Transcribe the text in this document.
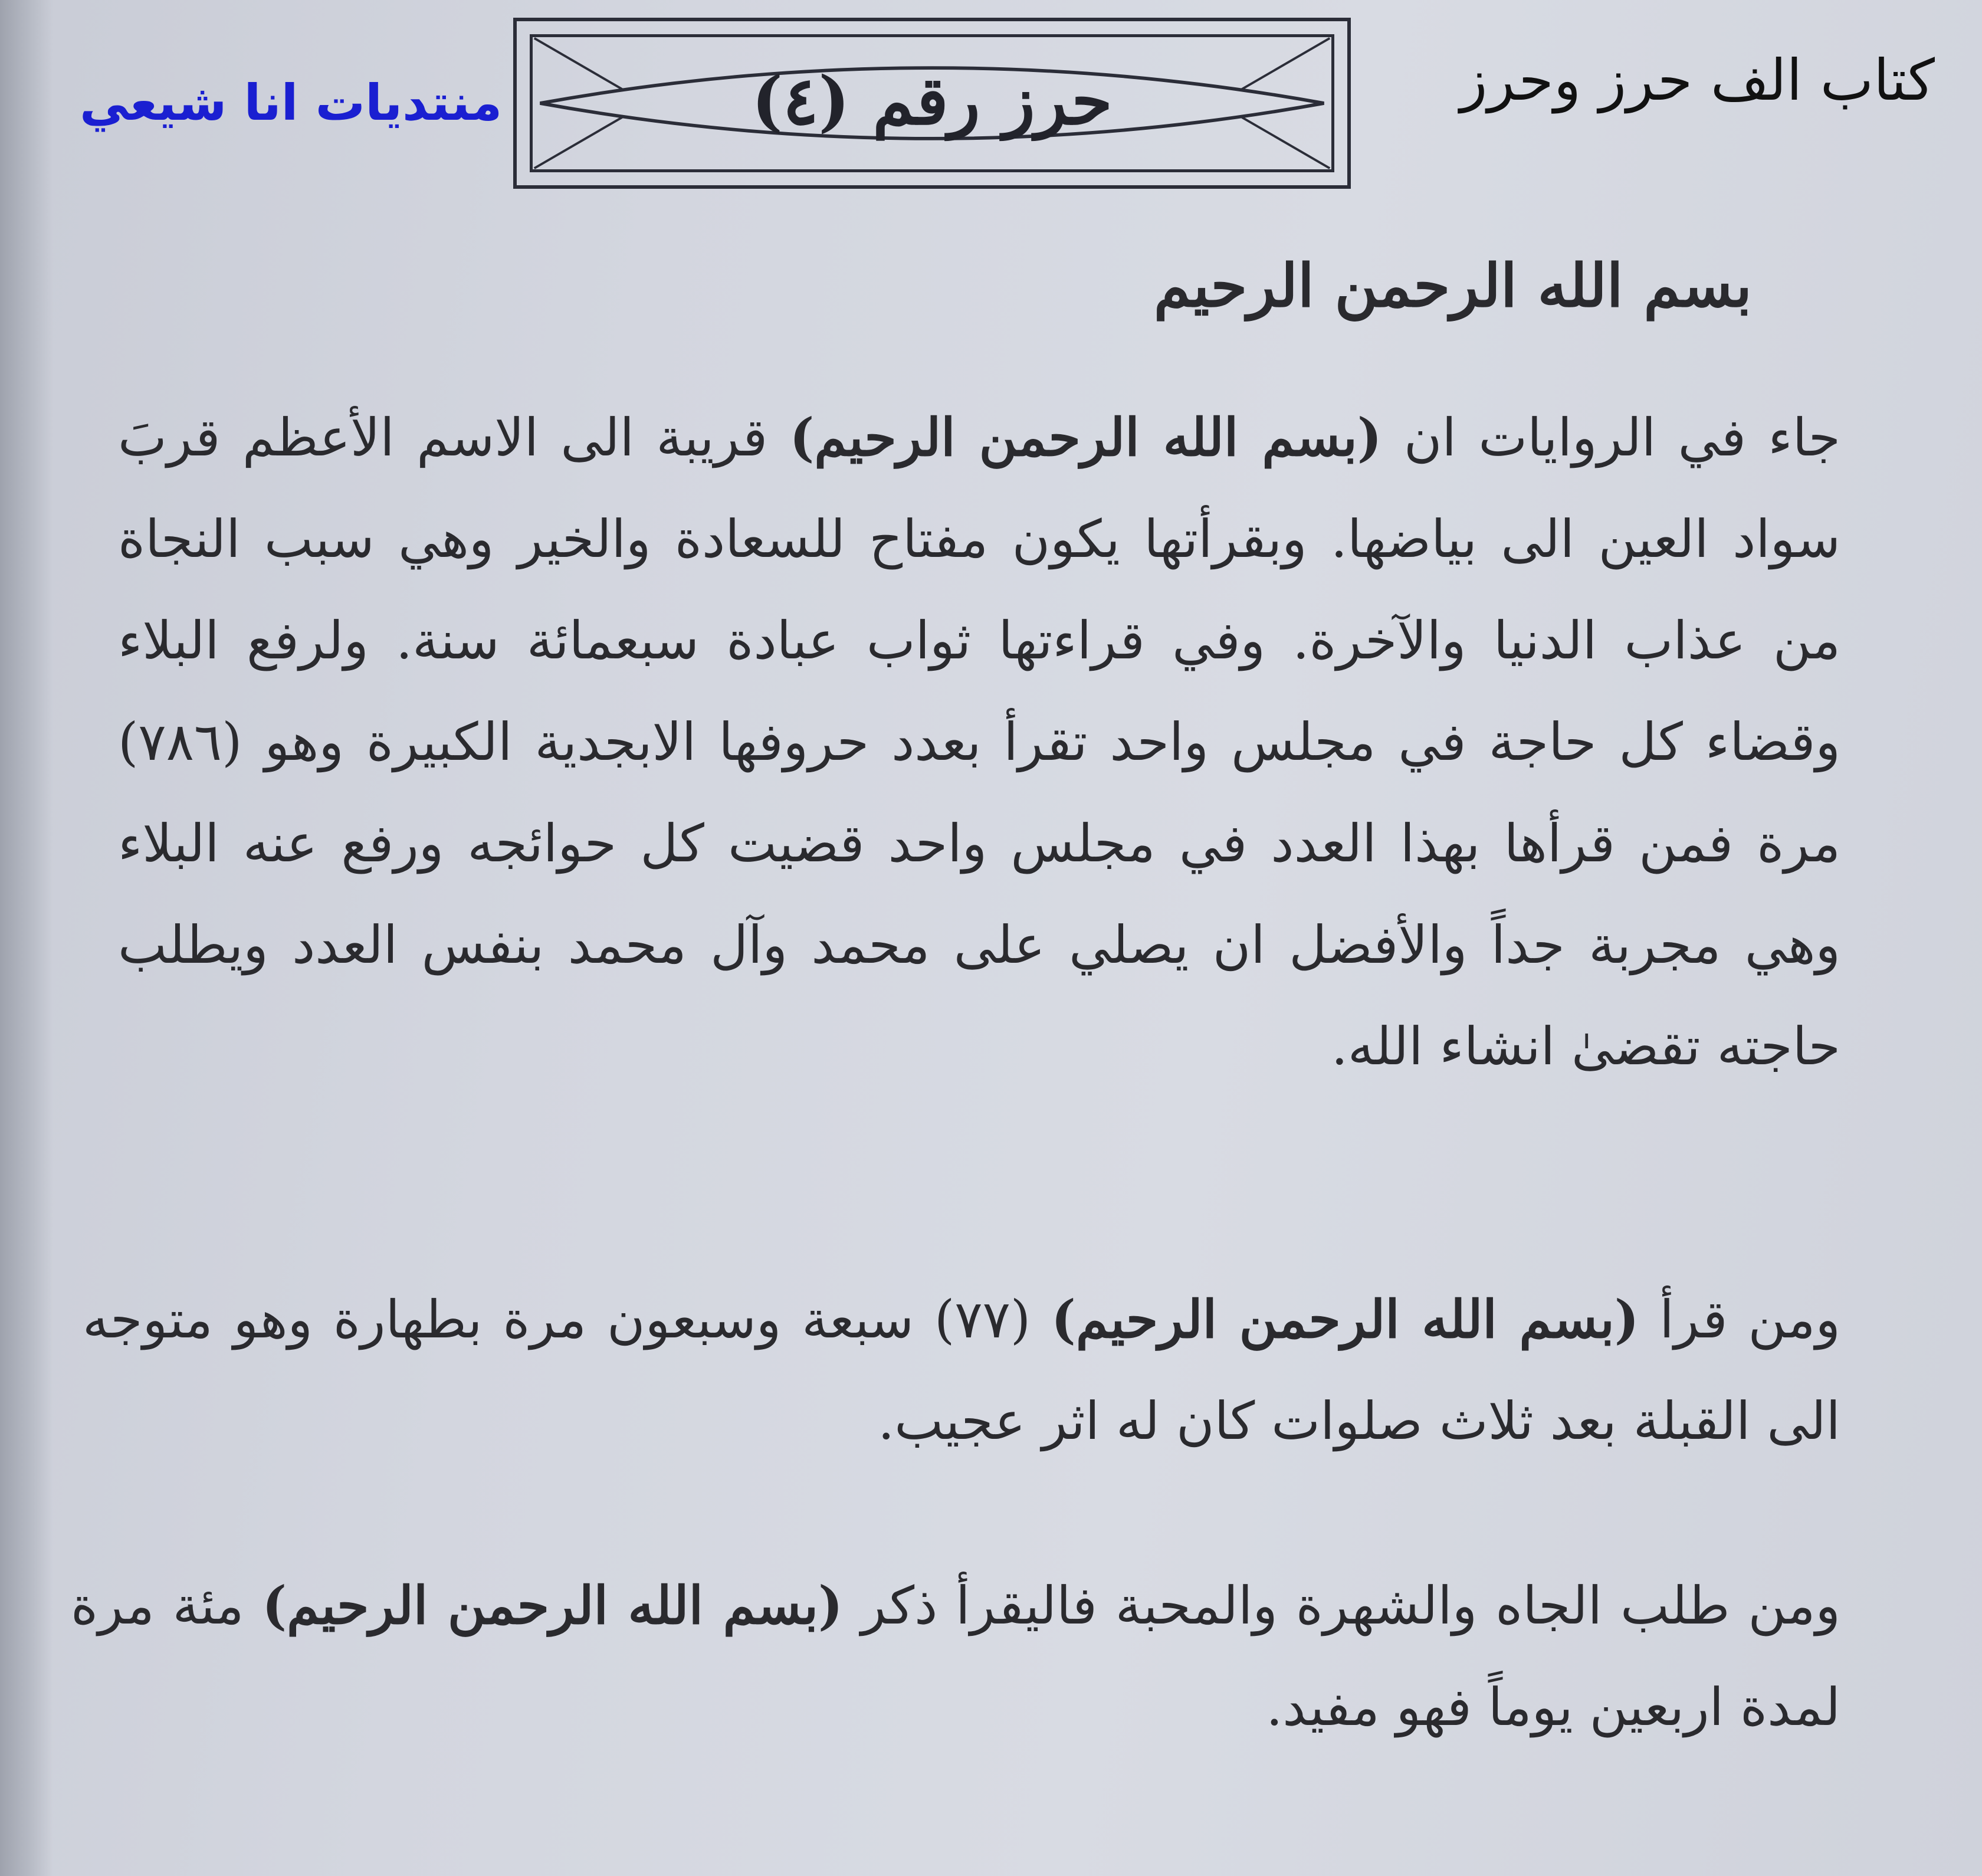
كتاب الف حرز وحرز
منتديات انا شيعي	حرز رقم (٤)
بسم الله الرحمن الرحيم

جاء في الروايات ان (بسم الله الرحمن الرحيم) قريبة الى الاسم الأعظم قربَ سواد العين الى بياضها. وبقرأتها يكون مفتاح للسعادة والخير وهي سبب النجاة من عذاب الدنيا والآخرة. وفي قراءتها ثواب عبادة سبعمائة سنة. ولرفع البلاء وقضاء كل حاجة في مجلس واحد تقرأ بعدد حروفها الابجدية الكبيرة وهو (٧٨٦) مرة فمن قرأها بهذا العدد في مجلس واحد قضيت كل حوائجه ورفع عنه البلاء وهي مجربة جداً والأفضل ان يصلي على محمد وآل محمد بنفس العدد ويطلب حاجته تقضىٰ انشاء الله.

ومن قرأ (بسم الله الرحمن الرحيم) (٧٧) سبعة وسبعون مرة بطهارة وهو متوجه الى القبلة بعد ثلاث صلوات كان له اثر عجيب.

ومن طلب الجاه والشهرة والمحبة فاليقرأ ذكر (بسم الله الرحمن الرحيم) مئة مرة لمدة اربعين يوماً فهو مفيد.
